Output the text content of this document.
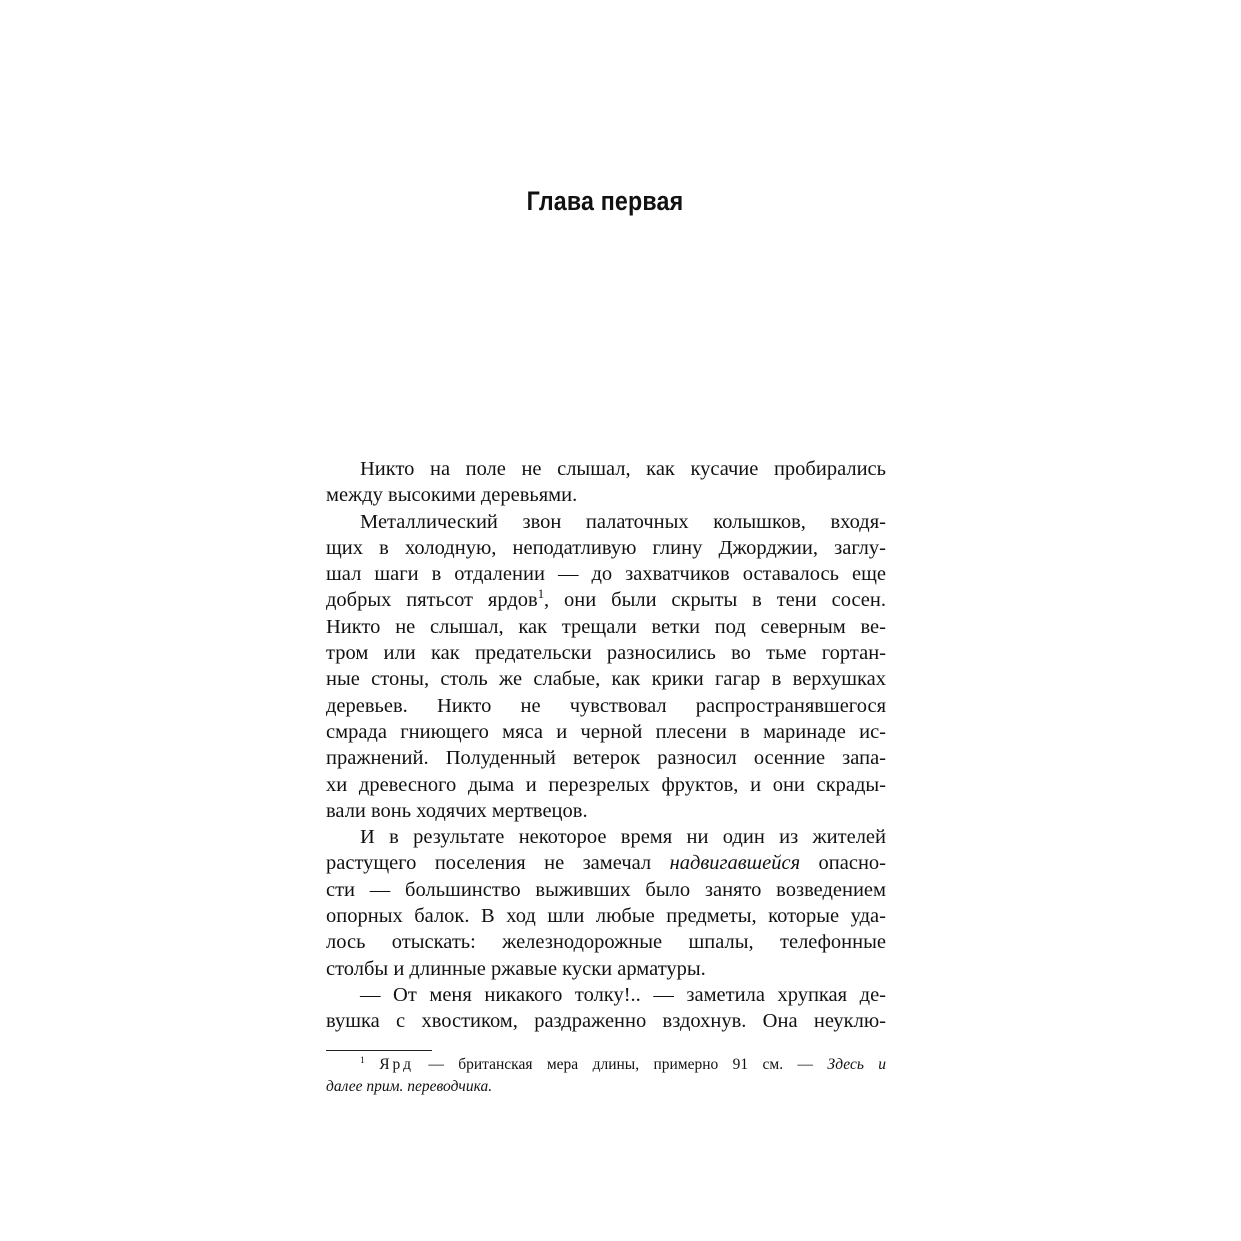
Глава первая
Никто на поле не слышал, как кусачие пробирались
между высокими деревьями.
Металлический звон палаточных колышков, входя-
щих в холодную, неподатливую глину Джорджии, заглу-
шал шаги в отдалении — до захватчиков оставалось еще
добрых пятьсот ярдов$^1$, они были скрыты в тени сосен.
Никто не слышал, как трещали ветки под северным ве-
тром или как предательски разносились во тьме гортан-
ные стоны, столь же слабые, как крики гагар в верхушках
деревьев. Никто не чувствовал распространявшегося
смрада гниющего мяса и черной плесени в маринаде ис-
пражнений. Полуденный ветерок разносил осенние запа-
хи древесного дыма и перезрелых фруктов, и они скрады-
вали вонь ходячих мертвецов.
И в результате некоторое время ни один из жителей
растущего поселения не замечал надвигавшейся опасно-
сти — большинство выживших было занято возведением
опорных балок. В ход шли любые предметы, которые уда-
лось отыскать: железнодорожные шпалы, телефонные
столбы и длинные ржавые куски арматуры.
— От меня никакого толку!.. — заметила хрупкая де-
вушка с хвостиком, раздраженно вздохнув. Она неуклю-
$^1$ Ярд — британская мера длины, примерно 91 см. — Здесь и
далее прим. переводчика.
